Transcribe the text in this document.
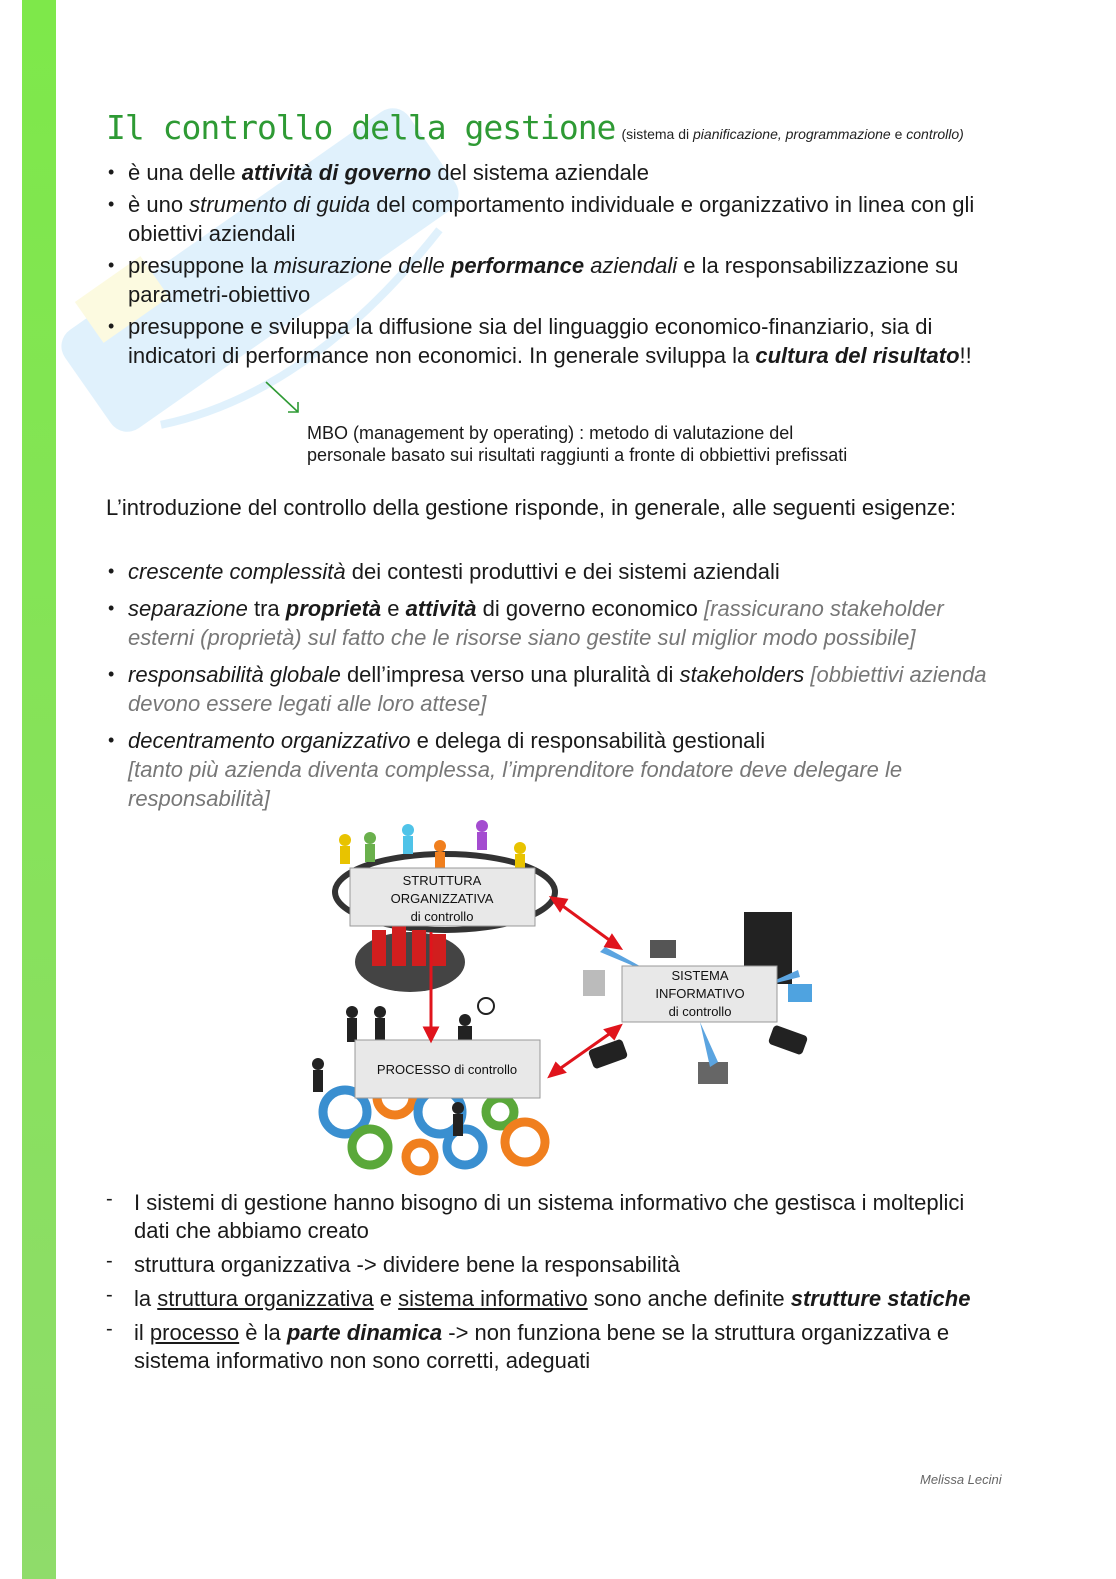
Il controllo della gestione (sistema di pianificazione, programmazione e controllo)
• è una delle attività di governo del sistema aziendale
• è uno strumento di guida del comportamento individuale e organizzativo in linea con gli obiettivi aziendali
• presuppone la misurazione delle performance aziendali e la responsabilizzazione su parametri-obiettivo
• presuppone e sviluppa la diffusione sia del linguaggio economico-finanziario, sia di indicatori di performance non economici. In generale sviluppa la cultura del risultato!!
MBO (management by operating) : metodo di valutazione del
personale basato sui risultati raggiunti a fronte di obbiettivi prefissati
L’introduzione del controllo della gestione risponde, in generale, alle seguenti esigenze:
• crescente complessità dei contesti produttivi e dei sistemi aziendali
• separazione tra proprietà e attività di governo economico [rassicurano stakeholder esterni (proprietà) sul fatto che le risorse siano gestite sul miglior modo possibile]
• responsabilità globale dell’impresa verso una pluralità di stakeholders [obbiettivi azienda devono essere legati alle loro attese]
• decentramento organizzativo e delega di responsabilità gestionali
[tanto più azienda diventa complessa, l’imprenditore fondatore deve delegare le responsabilità]
STRUTTURA
ORGANIZZATIVA
di controllo
SISTEMA
INFORMATIVO
di controllo
PROCESSO di controllo
- I sistemi di gestione hanno bisogno di un sistema informativo che gestisca i molteplici dati che abbiamo creato
- struttura organizzativa -> dividere bene la responsabilità
- la struttura organizzativa e sistema informativo sono anche definite strutture statiche
- il processo è la parte dinamica -> non funziona bene se la struttura organizzativa e sistema informativo non sono corretti, adeguati
Melissa Lecini
